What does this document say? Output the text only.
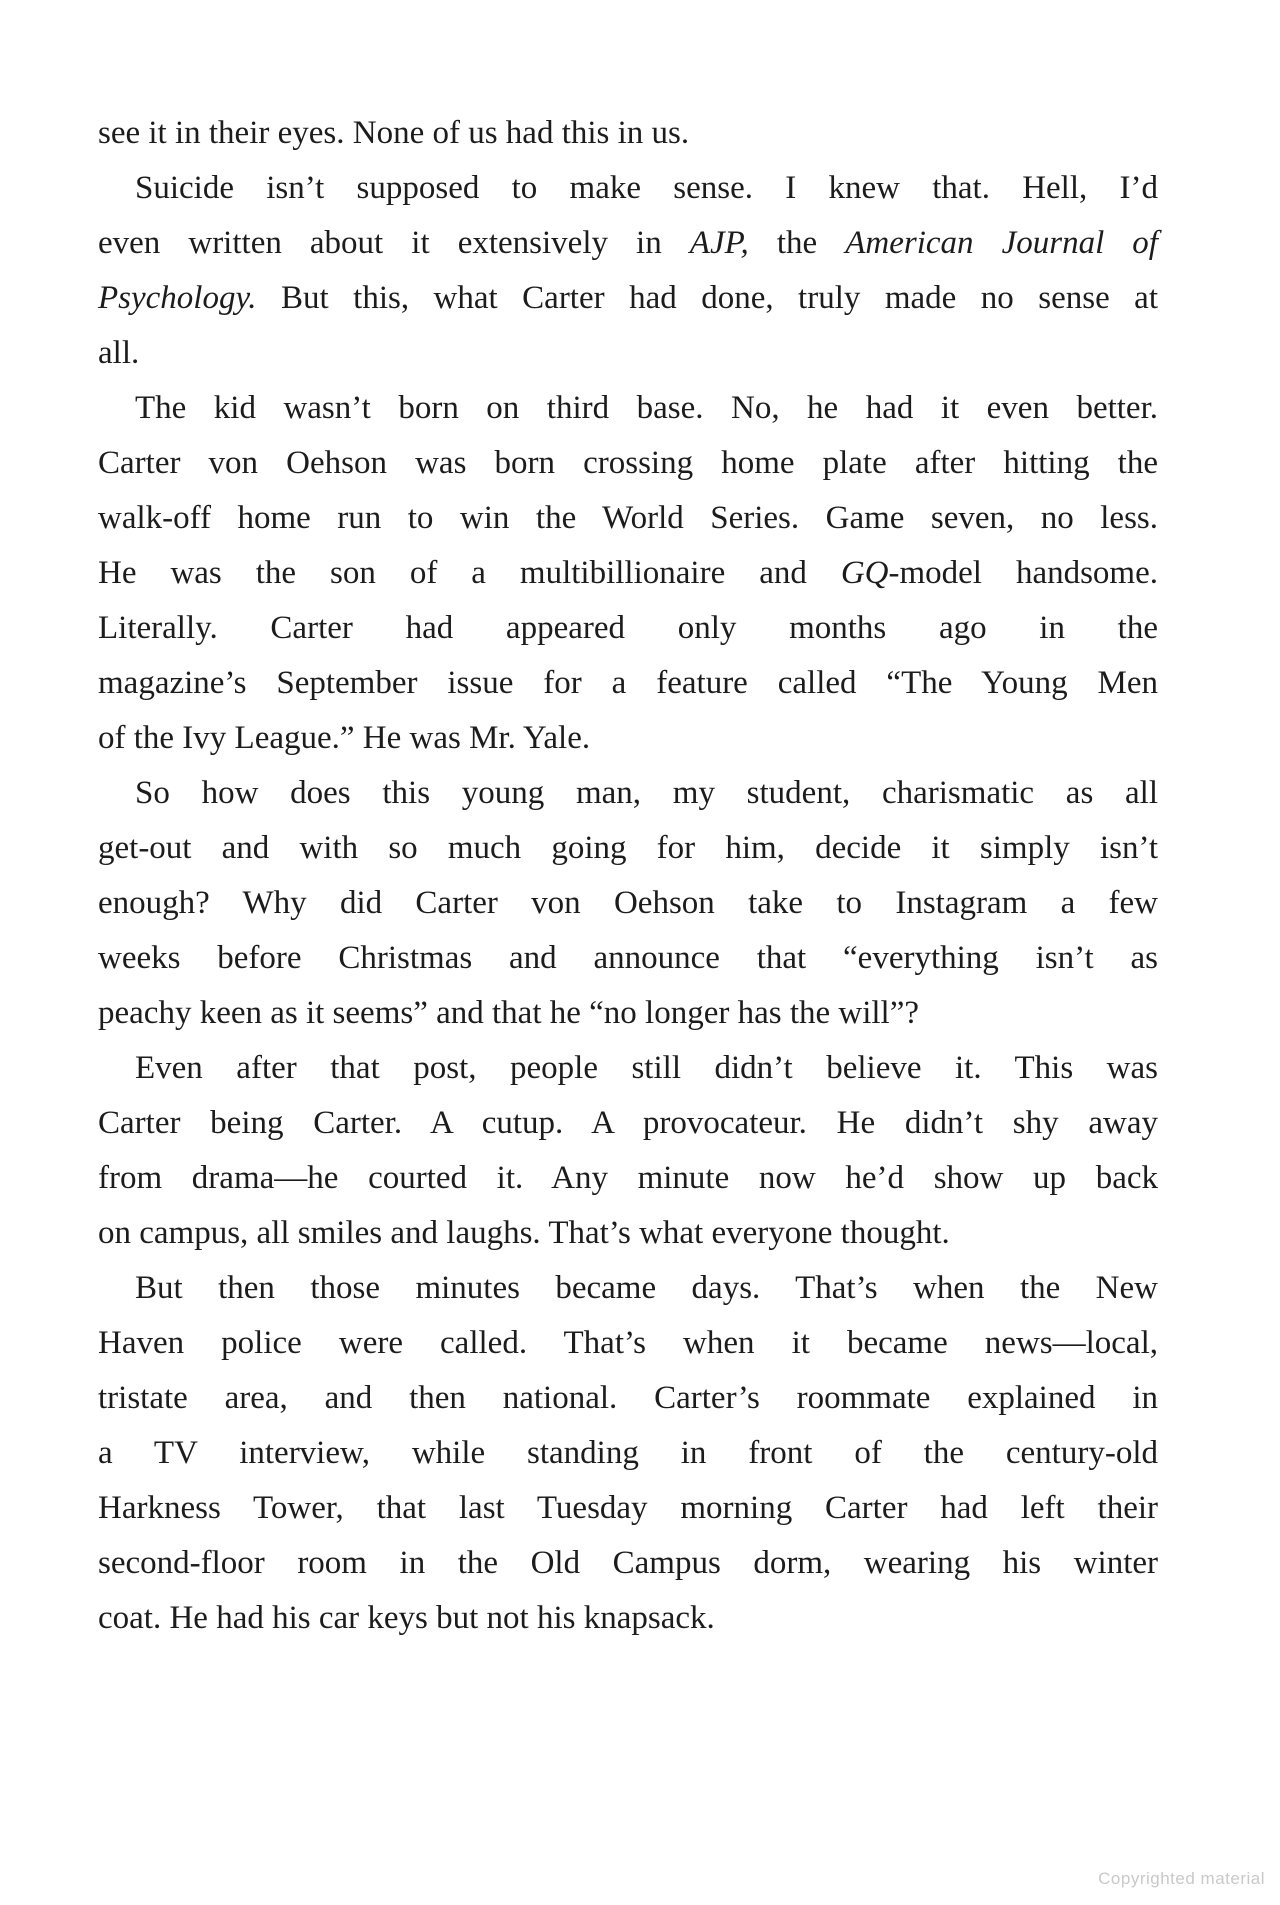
see it in their eyes. None of us had this in us.
Suicide isn’t supposed to make sense. I knew that. Hell, I’d
even written about it extensively in AJP, the American Journal of
Psychology. But this, what Carter had done, truly made no sense at
all.
The kid wasn’t born on third base. No, he had it even better.
Carter von Oehson was born crossing home plate after hitting the
walk-off home run to win the World Series. Game seven, no less.
He was the son of a multibillionaire and GQ-model handsome.
Literally. Carter had appeared only months ago in the
magazine’s September issue for a feature called “The Young Men
of the Ivy League.” He was Mr. Yale.
So how does this young man, my student, charismatic as all
get-out and with so much going for him, decide it simply isn’t
enough? Why did Carter von Oehson take to Instagram a few
weeks before Christmas and announce that “everything isn’t as
peachy keen as it seems” and that he “no longer has the will”?
Even after that post, people still didn’t believe it. This was
Carter being Carter. A cutup. A provocateur. He didn’t shy away
from drama—he courted it. Any minute now he’d show up back
on campus, all smiles and laughs. That’s what everyone thought.
But then those minutes became days. That’s when the New
Haven police were called. That’s when it became news—local,
tristate area, and then national. Carter’s roommate explained in
a TV interview, while standing in front of the century-old
Harkness Tower, that last Tuesday morning Carter had left their
second-floor room in the Old Campus dorm, wearing his winter
coat. He had his car keys but not his knapsack.
Copyrighted material
